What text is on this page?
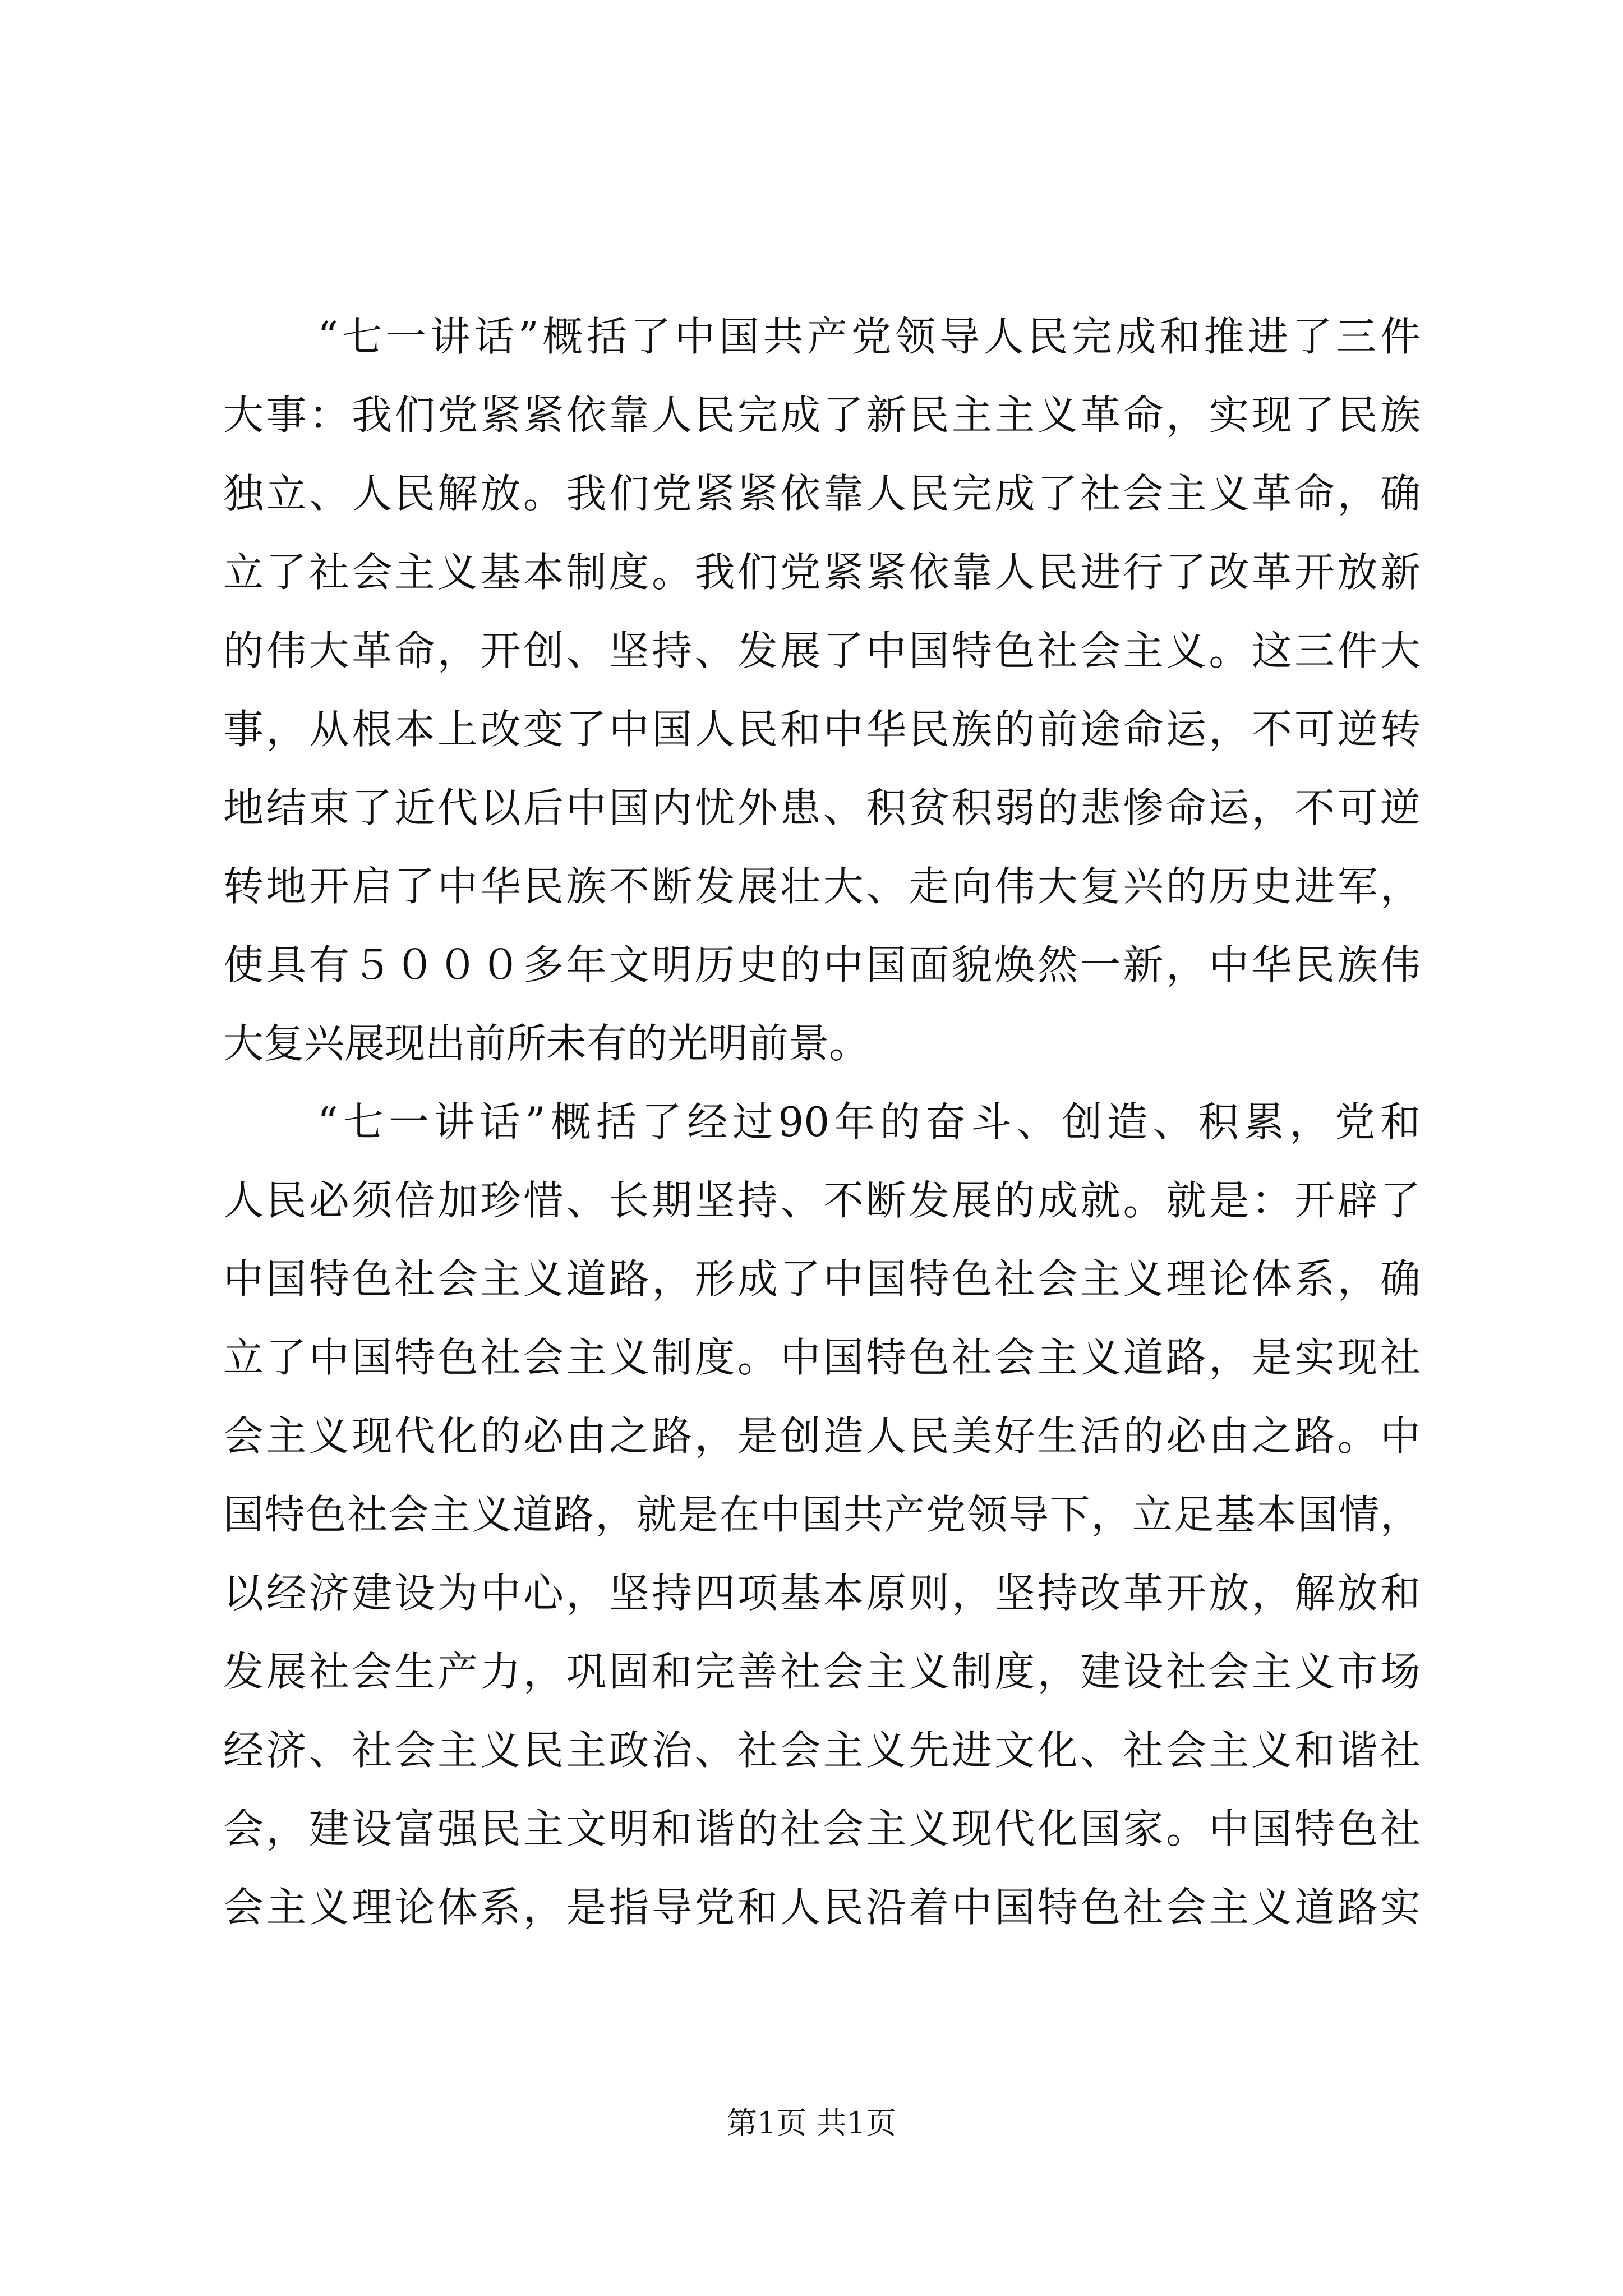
“七一讲话”概括了中国共产党领导人民完成和推进了三件
大事：我们党紧紧依靠人民完成了新民主主义革命，实现了民族
独立、人民解放。我们党紧紧依靠人民完成了社会主义革命，确
立了社会主义基本制度。我们党紧紧依靠人民进行了改革开放新
的伟大革命，开创、坚持、发展了中国特色社会主义。这三件大
事，从根本上改变了中国人民和中华民族的前途命运，不可逆转
地结束了近代以后中国内忧外患、积贫积弱的悲惨命运，不可逆
转地开启了中华民族不断发展壮大、走向伟大复兴的历史进军，
使具有５０００多年文明历史的中国面貌焕然一新，中华民族伟
大复兴展现出前所未有的光明前景。
“七一讲话”概括了经过90年的奋斗、创造、积累，党和
人民必须倍加珍惜、长期坚持、不断发展的成就。就是：开辟了
中国特色社会主义道路，形成了中国特色社会主义理论体系，确
立了中国特色社会主义制度。中国特色社会主义道路，是实现社
会主义现代化的必由之路，是创造人民美好生活的必由之路。中
国特色社会主义道路，就是在中国共产党领导下，立足基本国情，
以经济建设为中心，坚持四项基本原则，坚持改革开放，解放和
发展社会生产力，巩固和完善社会主义制度，建设社会主义市场
经济、社会主义民主政治、社会主义先进文化、社会主义和谐社
会，建设富强民主文明和谐的社会主义现代化国家。中国特色社
会主义理论体系，是指导党和人民沿着中国特色社会主义道路实
第1页 共1页
